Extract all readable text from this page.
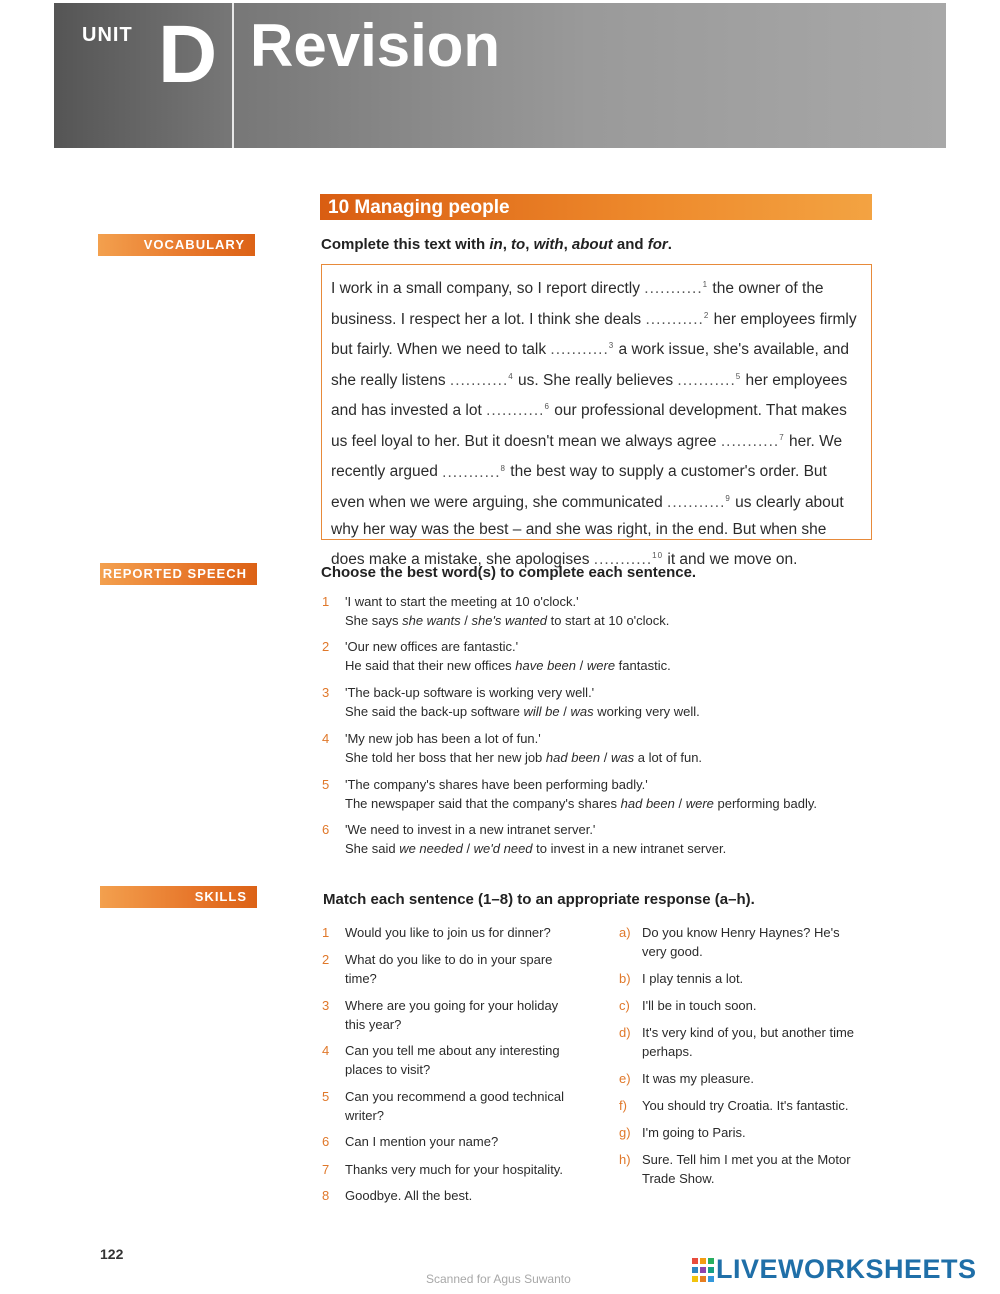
UNIT D Revision
10 Managing people
VOCABULARY	Complete this text with in, to, with, about and for.
I work in a small company, so I report directly ...........$^1$ the owner of the business. I respect her a lot. I think she deals ...........$^2$ her employees firmly but fairly. When we need to talk ...........$^3$ a work issue, she's available, and she really listens ...........$^4$ us. She really believes ...........$^5$ her employees and has invested a lot ...........$^6$ our professional development. That makes us feel loyal to her. But it doesn't mean we always agree ...........$^7$ her. We recently argued ...........$^8$ the best way to supply a customer's order. But even when we were arguing, she communicated ...........$^9$ us clearly about why her way was the best – and she was right, in the end. But when she does make a mistake, she apologises ...........$^{10}$ it and we move on.
REPORTED SPEECH	Choose the best word(s) to complete each sentence.
1 'I want to start the meeting at 10 o'clock.'
She says she wants / she's wanted to start at 10 o'clock.
2 'Our new offices are fantastic.'
He said that their new offices have been / were fantastic.
3 'The back-up software is working very well.'
She said the back-up software will be / was working very well.
4 'My new job has been a lot of fun.'
She told her boss that her new job had been / was a lot of fun.
5 'The company's shares have been performing badly.'
The newspaper said that the company's shares had been / were performing badly.
6 'We need to invest in a new intranet server.'
She said we needed / we'd need to invest in a new intranet server.
SKILLS	Match each sentence (1–8) to an appropriate response (a–h).
1 Would you like to join us for dinner?
2 What do you like to do in your spare
time?
3 Where are you going for your holiday
this year?
4 Can you tell me about any interesting
places to visit?
5 Can you recommend a good technical
writer?
6 Can I mention your name?
7 Thanks very much for your hospitality.
8 Goodbye. All the best.
a) Do you know Henry Haynes? He's
very good.
b) I play tennis a lot.
c) I'll be in touch soon.
d) It's very kind of you, but another time
perhaps.
e) It was my pleasure.
f) You should try Croatia. It's fantastic.
g) I'm going to Paris.
h) Sure. Tell him I met you at the Motor
Trade Show.
122
Scanned for Agus Suwanto	LIVEWORKSHEETS
